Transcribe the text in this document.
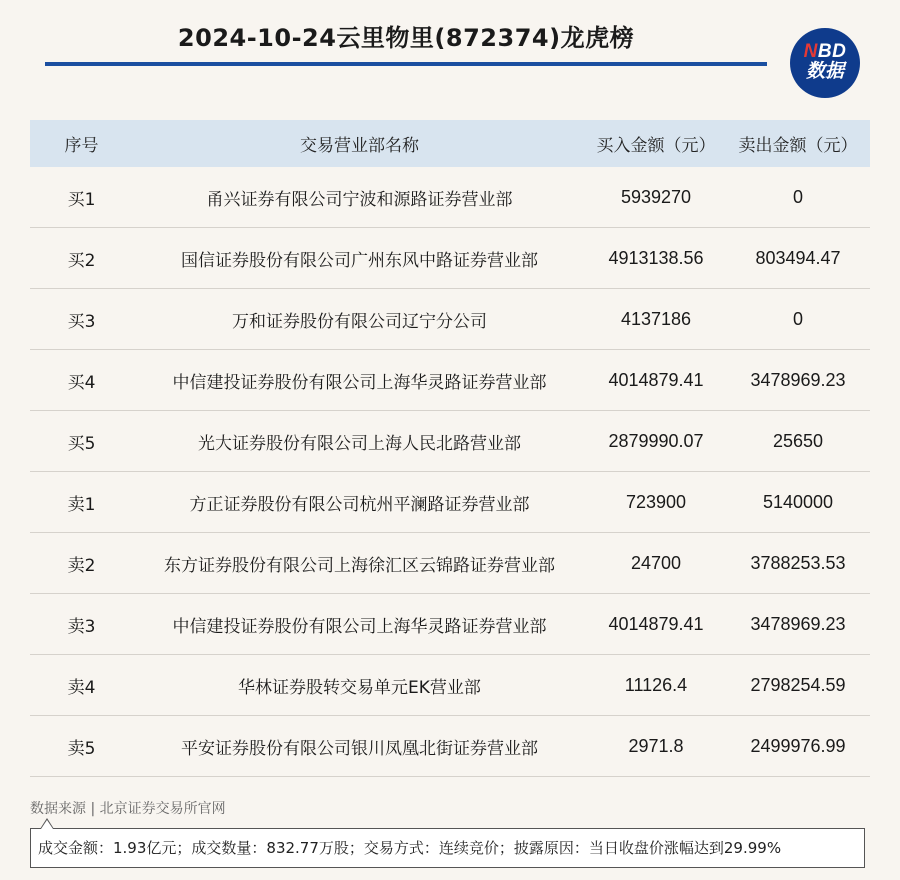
2024-10-24云里物里(872374)龙虎榜	NBD
数据
序号	交易营业部名称	买入金额（元）	卖出金额（元）
买1	甬兴证券有限公司宁波和源路证券营业部	5939270	0
买2	国信证券股份有限公司广州东风中路证券营业部	4913138.56	803494.47
买3	万和证券股份有限公司辽宁分公司	4137186	0
买4	中信建投证券股份有限公司上海华灵路证券营业部	4014879.41	3478969.23
买5	光大证券股份有限公司上海人民北路营业部	2879990.07	25650
卖1	方正证券股份有限公司杭州平澜路证券营业部	723900	5140000
卖2	东方证券股份有限公司上海徐汇区云锦路证券营业部	24700	3788253.53
卖3	中信建投证券股份有限公司上海华灵路证券营业部	4014879.41	3478969.23
卖4	华林证券股转交易单元EK营业部	11126.4	2798254.59
卖5	平安证券股份有限公司银川凤凰北街证券营业部	2971.8	2499976.99
数据来源 | 北京证券交易所官网
成交金额：1.93亿元；成交数量：832.77万股；交易方式：连续竞价；披露原因：当日收盘价涨幅达到29.99%
